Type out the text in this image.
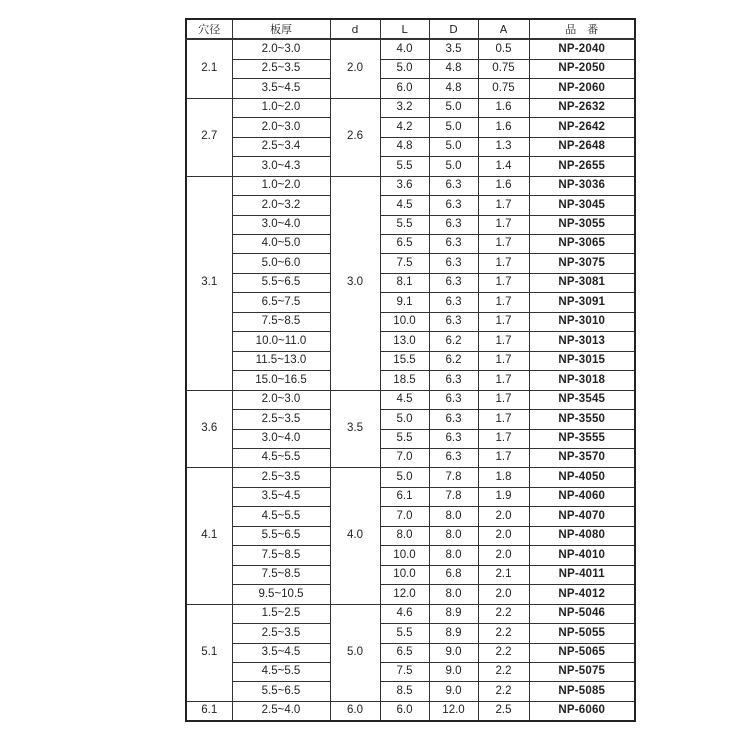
穴径	板厚	d	L	D	A	品　番
2.1	2.0~3.0	2.0	4.0	3.5	0.5	NP-2040
	2.5~3.5		5.0	4.8	0.75	NP-2050
	3.5~4.5		6.0	4.8	0.75	NP-2060
2.7	1.0~2.0	2.6	3.2	5.0	1.6	NP-2632
	2.0~3.0		4.2	5.0	1.6	NP-2642
	2.5~3.4		4.8	5.0	1.3	NP-2648
	3.0~4.3		5.5	5.0	1.4	NP-2655
3.1	1.0~2.0	3.0	3.6	6.3	1.6	NP-3036
	2.0~3.2		4.5	6.3	1.7	NP-3045
	3.0~4.0		5.5	6.3	1.7	NP-3055
	4.0~5.0		6.5	6.3	1.7	NP-3065
	5.0~6.0		7.5	6.3	1.7	NP-3075
	5.5~6.5		8.1	6.3	1.7	NP-3081
	6.5~7.5		9.1	6.3	1.7	NP-3091
	7.5~8.5		10.0	6.3	1.7	NP-3010
	10.0~11.0		13.0	6.2	1.7	NP-3013
	11.5~13.0		15.5	6.2	1.7	NP-3015
	15.0~16.5		18.5	6.3	1.7	NP-3018
3.6	2.0~3.0	3.5	4.5	6.3	1.7	NP-3545
	2.5~3.5		5.0	6.3	1.7	NP-3550
	3.0~4.0		5.5	6.3	1.7	NP-3555
	4.5~5.5		7.0	6.3	1.7	NP-3570
4.1	2.5~3.5	4.0	5.0	7.8	1.8	NP-4050
	3.5~4.5		6.1	7.8	1.9	NP-4060
	4.5~5.5		7.0	8.0	2.0	NP-4070
	5.5~6.5		8.0	8.0	2.0	NP-4080
	7.5~8.5		10.0	8.0	2.0	NP-4010
	7.5~8.5		10.0	6.8	2.1	NP-4011
	9.5~10.5		12.0	8.0	2.0	NP-4012
5.1	1.5~2.5	5.0	4.6	8.9	2.2	NP-5046
	2.5~3.5		5.5	8.9	2.2	NP-5055
	3.5~4.5		6.5	9.0	2.2	NP-5065
	4.5~5.5		7.5	9.0	2.2	NP-5075
	5.5~6.5		8.5	9.0	2.2	NP-5085
6.1	2.5~4.0	6.0	6.0	12.0	2.5	NP-6060
